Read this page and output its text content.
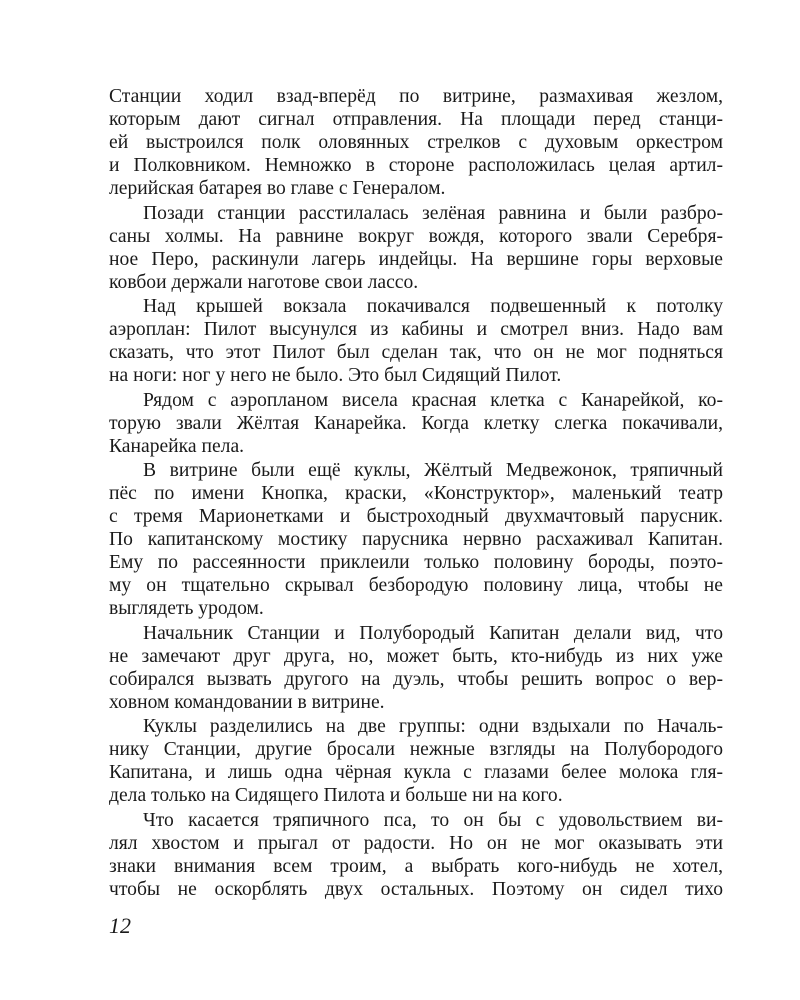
Станции ходил взад-вперёд по витрине, размахивая жезлом,
которым дают сигнал отправления. На площади перед станци-
ей выстроился полк оловянных стрелков с духовым оркестром
и Полковником. Немножко в стороне расположилась целая артил-
лерийская батарея во главе с Генералом.
Позади станции расстилалась зелёная равнина и были разбро-
саны холмы. На равнине вокруг вождя, которого звали Серебря-
ное Перо, раскинули лагерь индейцы. На вершине горы верховые
ковбои держали наготове свои лассо.
Над крышей вокзала покачивался подвешенный к потолку
аэроплан: Пилот высунулся из кабины и смотрел вниз. Надо вам
сказать, что этот Пилот был сделан так, что он не мог подняться
на ноги: ног у него не было. Это был Сидящий Пилот.
Рядом с аэропланом висела красная клетка с Канарейкой, ко-
торую звали Жёлтая Канарейка. Когда клетку слегка покачивали,
Канарейка пела.
В витрине были ещё куклы, Жёлтый Медвежонок, тряпичный
пёс по имени Кнопка, краски, «Конструктор», маленький театр
с тремя Марионетками и быстроходный двухмачтовый парусник.
По капитанскому мостику парусника нервно расхаживал Капитан.
Ему по рассеянности приклеили только половину бороды, поэто-
му он тщательно скрывал безбородую половину лица, чтобы не
выглядеть уродом.
Начальник Станции и Полубородый Капитан делали вид, что
не замечают друг друга, но, может быть, кто-нибудь из них уже
собирался вызвать другого на дуэль, чтобы решить вопрос о вер-
ховном командовании в витрине.
Куклы разделились на две группы: одни вздыхали по Началь-
нику Станции, другие бросали нежные взгляды на Полубородого
Капитана, и лишь одна чёрная кукла с глазами белее молока гля-
дела только на Сидящего Пилота и больше ни на кого.
Что касается тряпичного пса, то он бы с удовольствием ви-
лял хвостом и прыгал от радости. Но он не мог оказывать эти
знаки внимания всем троим, а выбрать кого-нибудь не хотел,
чтобы не оскорблять двух остальных. Поэтому он сидел тихо
12
